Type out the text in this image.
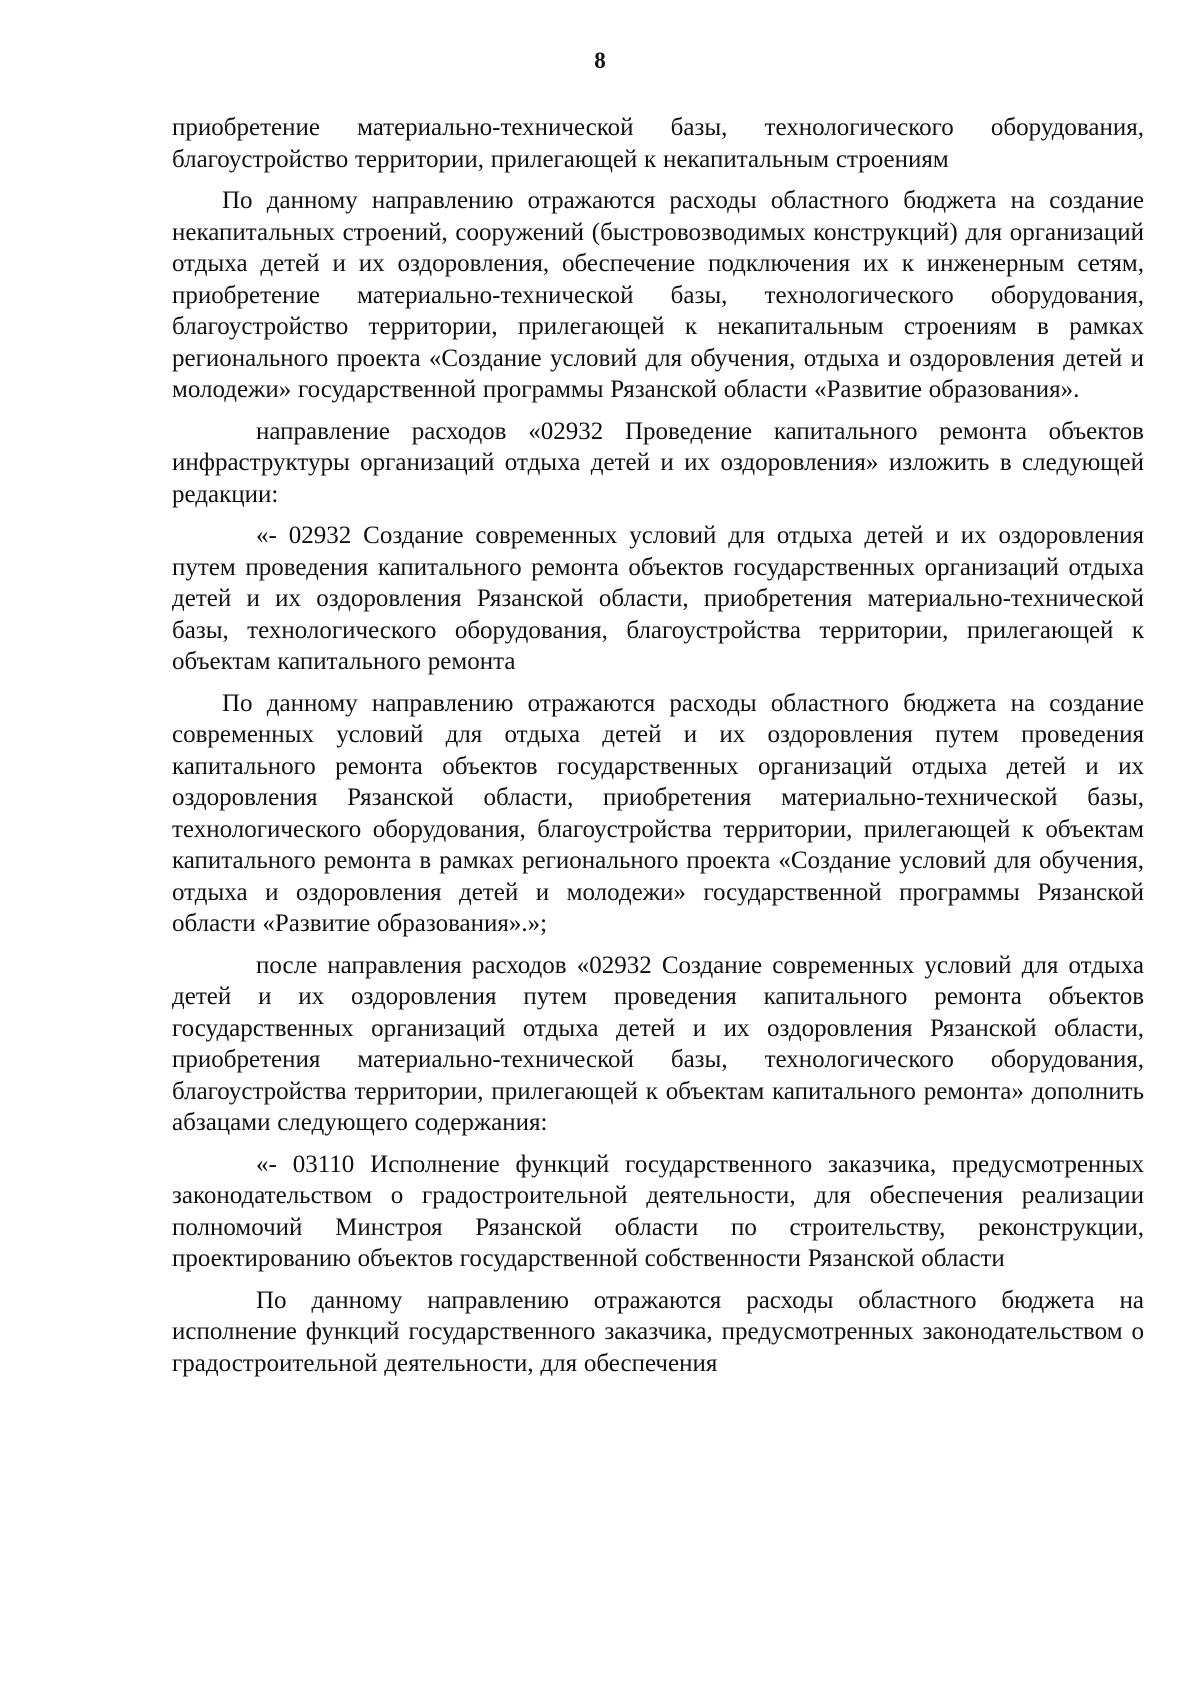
8

приобретение материально-технической базы, технологического оборудования, благоустройство территории, прилегающей к некапитальным строениям

По данному направлению отражаются расходы областного бюджета на создание некапитальных строений, сооружений (быстровозводимых конструкций) для организаций отдыха детей и их оздоровления, обеспечение подключения их к инженерным сетям, приобретение материально-технической базы, технологического оборудования, благоустройство территории, прилегающей к некапитальным строениям в рамках регионального проекта «Создание условий для обучения, отдыха и оздоровления детей и молодежи» государственной программы Рязанской области «Развитие образования».

направление расходов «02932 Проведение капитального ремонта объектов инфраструктуры организаций отдыха детей и их оздоровления» изложить в следующей редакции:

«- 02932 Создание современных условий для отдыха детей и их оздоровления путем проведения капитального ремонта объектов государственных организаций отдыха детей и их оздоровления Рязанской области, приобретения материально-технической базы, технологического оборудования, благоустройства территории, прилегающей к объектам капитального ремонта

По данному направлению отражаются расходы областного бюджета на создание современных условий для отдыха детей и их оздоровления путем проведения капитального ремонта объектов государственных организаций отдыха детей и их оздоровления Рязанской области, приобретения материально-технической базы, технологического оборудования, благоустройства территории, прилегающей к объектам капитального ремонта в рамках регионального проекта «Создание условий для обучения, отдыха и оздоровления детей и молодежи» государственной программы Рязанской области «Развитие образования».»;

после направления расходов «02932 Создание современных условий для отдыха детей и их оздоровления путем проведения капитального ремонта объектов государственных организаций отдыха детей и их оздоровления Рязанской области, приобретения материально-технической базы, технологического оборудования, благоустройства территории, прилегающей к объектам капитального ремонта» дополнить абзацами следующего содержания:

«- 03110 Исполнение функций государственного заказчика, предусмотренных законодательством о градостроительной деятельности, для обеспечения реализации полномочий Минстроя Рязанской области по строительству, реконструкции, проектированию объектов государственной собственности Рязанской области

По данному направлению отражаются расходы областного бюджета на исполнение функций государственного заказчика, предусмотренных законодательством о градостроительной деятельности, для обеспечения
